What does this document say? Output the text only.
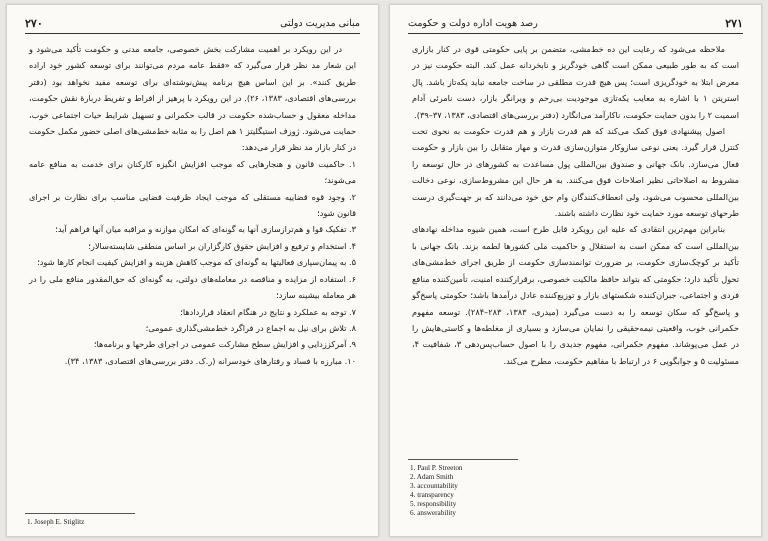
مبانی مدیریت دولتی
۲۷۰

در این رویکرد بر اهمیت مشارکت بخش خصوصی، جامعه مدنی و حکومت تأکید می‌شود و این شعار مد نظر قرار می‌گیرد که «فقط عامه مردم می‌توانند برای توسعه کشور خود اراده طریق کنند». بر این اساس هیچ برنامه پیش‌نوشته‌ای برای توسعه مفید نخواهد بود (دفتر بررسی‌های اقتصادی، ۱۳۸۳، ۲۶). در این رویکرد با پرهیز از افراط و تفریط دربارهٔ نقش حکومت، مداخله معقول و حساب‌شده حکومت در قالب حکمرانی و تسهیل شرایط حیات اجتماعی خوب، حمایت می‌شود. ژوزف استیگلیتز ۱ هم اصل را به مثابه خط‌مشی‌های اصلی حضور مکمل حکومت در کنار بازار مد نظر قرار می‌دهد:

۱. حاکمیت قانون و هنجارهایی که موجب افزایش انگیزه کارکنان برای خدمت به منافع عامه می‌شوند؛

۲. وجود قوه قضاییه مستقلی که موجب ایجاد ظرفیت قضایی مناسب برای نظارت بر اجرای قانون شود؛

۳. تفکیک قوا و هم‌ترازسازی آنها به گونه‌ای که امکان موازنه و مراقبه میان آنها فراهم آید؛

۴. استخدام و ترفیع و افزایش حقوق کارگزاران بر اساس منطقی شایسته‌سالار؛

۵. به پیمان‌سپاری فعالیتها به گونه‌ای که موجب کاهش هزینه و افزایش کیفیت انجام کارها شود؛

۶. استفاده از مزایده و مناقصه در معامله‌های دولتی، به گونه‌ای که حق‌المقدور منافع ملی را در هر معامله بیشینه سازد؛

۷. توجه به عملکرد و نتایج در هنگام انعقاد قراردادها؛

۸. تلاش برای نیل به اجماع در فراگرد خط‌مشی‌گذاری عمومی؛

۹. آمرکززدایی و افزایش سطح مشارکت عمومی در اجرای طرحها و برنامه‌ها؛

۱۰. مبارزه با فساد و رفتارهای خودسرانه (ر.ک. دفتر بررسی‌های اقتصادی، ۱۳۸۳، ۳۴).

1. Joseph E. Stiglitz
۲۷۱
رصد هویت اداره دولت و حکومت

ملاحظه می‌شود که رعایت این ده خط‌مشی، متضمن بر پایی حکومتی قوی در کنار بازاری است که به طور طبیعی ممکن است گاهی خودگریز و نابخردانه عمل کند. البته حکومت نیز در معرض ابتلا به خودگریزی است؛ پس هیچ قدرت مطلقی در ساخت جامعه نباید یکه‌تاز باشد. پال استریتن ۱ با اشاره به معایب یکه‌تازی موجودیت بی‌رحم و ویرانگر بازار، دست نامرئی آدام اسمیت ۲ را بدون حمایت حکومت، ناکارآمد می‌انگارد (دفتر بررسی‌های اقتصادی، ۱۳۸۳، ۳۷–۳۹).

اصول پیشنهادی فوق کمک می‌کند که هم قدرت بازار و هم قدرت حکومت به نحوی تحت کنترل قرار گیرد. یعنی نوعی سازوکار متوازن‌سازی قدرت و مهار متقابل را بین بازار و حکومت فعال می‌سازد. بانک جهانی و صندوق بین‌المللی پول مساعدت به کشورهای در حال توسعه را مشروط به اصلاحاتی نظیر اصلاحات فوق می‌کنند. به هر حال این مشروط‌سازی، نوعی دخالت بین‌المللی محسوب می‌شود، ولی انعطاف‌کنندگان وام حق خود می‌دانند که بر جهت‌گیری درست طرحهای توسعه مورد حمایت خود نظارت داشته باشند.

بنابراین مهم‌ترین انتقادی که علیه این رویکرد قابل طرح است، همین شیوه مداخله نهادهای بین‌المللی است که ممکن است به استقلال و حاکمیت ملی کشورها لطمه بزند. بانک جهانی با تأکید بر کوچک‌سازی حکومت، بر ضرورت توانمندسازی حکومت از طریق اجرای خط‌مشی‌های تحول تأکید دارد؛ حکومتی که بتواند حافظ مالکیت خصوصی، برقرارکننده امنیت، تأمین‌کننده منافع فردی و اجتماعی، جبران‌کننده شکستهای بازار و توزیع‌کننده عادل درآمدها باشد؛ حکومتی پاسخ‌گو و پاسخ‌گو که سکان توسعه را به دست می‌گیرد (میدری، ۱۳۸۳، ۲۸۳–۲۸۴). توسعه مفهوم حکمرانی خوب، واقعیتی نیمه‌حقیقی را نمایان می‌سازد و بسیاری از مغلطه‌ها و کاستی‌هایش را در عمل می‌پوشاند. مفهوم حکمرانی، مفهوم جدیدی را با اصول حساب‌پس‌دهی ۳، شفافیت ۴، مسئولیت ۵ و جوابگویی ۶ در ارتباط با مفاهیم حکومت، مطرح می‌کند.

1. Paul P. Streeton
2. Adam Smith
3. accountability
4. transparency
5. responsibility
6. answerability
